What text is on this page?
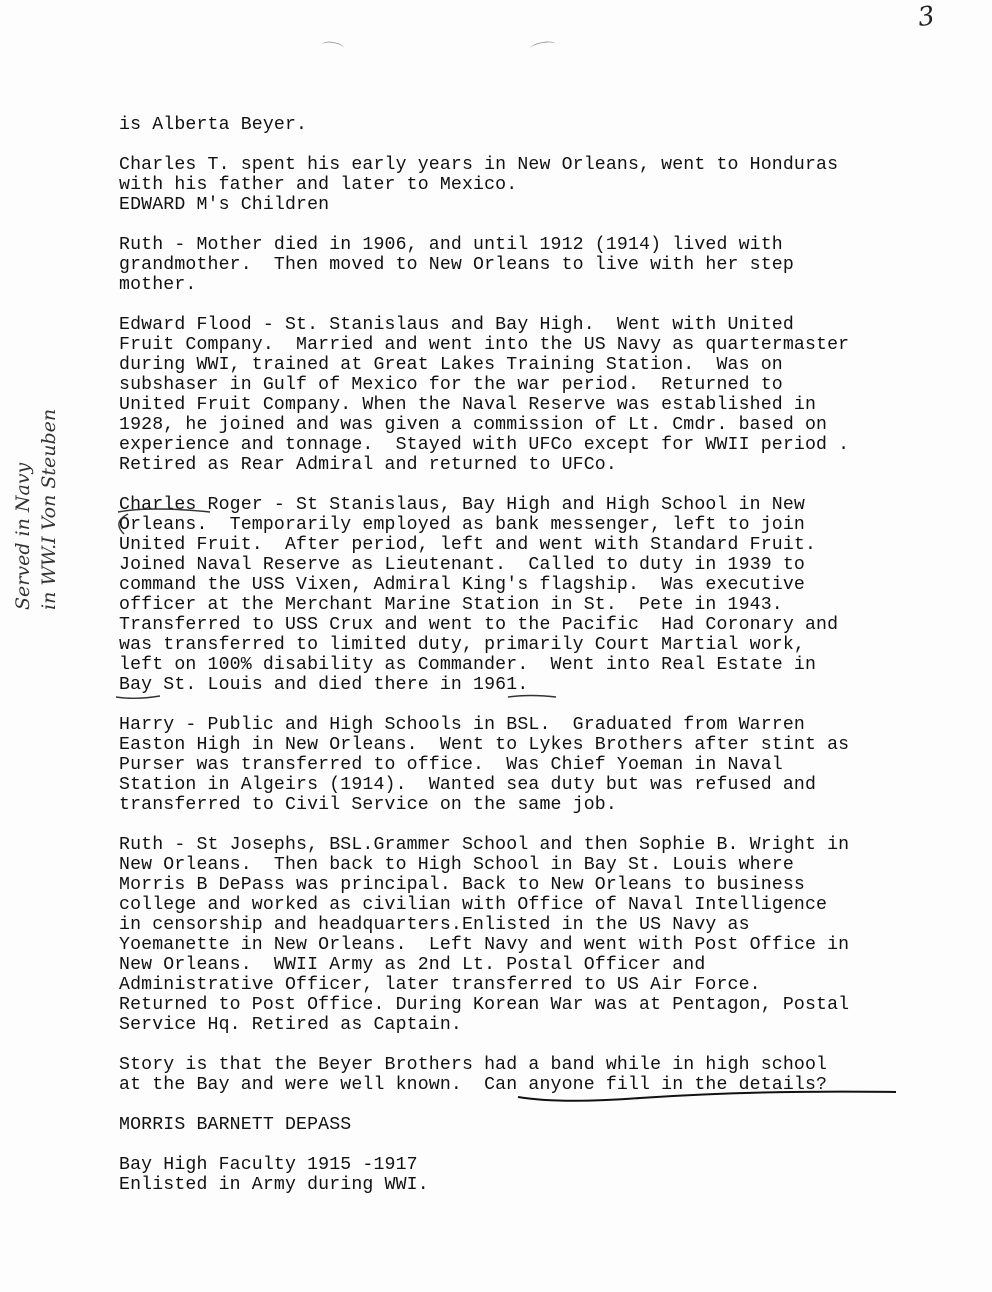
3
Served in Navy in WW.I Von Steuben
is Alberta Beyer.
Charles T. spent his early years in New Orleans, went to Honduras
with his father and later to Mexico.
EDWARD M's Children
Ruth - Mother died in 1906, and until 1912 (1914) lived with
grandmother.  Then moved to New Orleans to live with her step
mother.
Edward Flood - St. Stanislaus and Bay High.  Went with United
Fruit Company.  Married and went into the US Navy as quartermaster
during WWI, trained at Great Lakes Training Station.  Was on
subshaser in Gulf of Mexico for the war period.  Returned to
United Fruit Company. When the Naval Reserve was established in
1928, he joined and was given a commission of Lt. Cmdr. based on
experience and tonnage.  Stayed with UFCo except for WWII period .
Retired as Rear Admiral and returned to UFCo.
Charles Roger - St Stanislaus, Bay High and High School in New
Orleans.  Temporarily employed as bank messenger, left to join
United Fruit.  After period, left and went with Standard Fruit.
Joined Naval Reserve as Lieutenant.  Called to duty in 1939 to
command the USS Vixen, Admiral King's flagship.  Was executive
officer at the Merchant Marine Station in St.  Pete in 1943.
Transferred to USS Crux and went to the Pacific  Had Coronary and
was transferred to limited duty, primarily Court Martial work,
left on 100% disability as Commander.  Went into Real Estate in
Bay St. Louis and died there in 1961.
Harry - Public and High Schools in BSL.  Graduated from Warren
Easton High in New Orleans.  Went to Lykes Brothers after stint as
Purser was transferred to office.  Was Chief Yoeman in Naval
Station in Algeirs (1914).  Wanted sea duty but was refused and
transferred to Civil Service on the same job.
Ruth - St Josephs, BSL.Grammer School and then Sophie B. Wright in
New Orleans.  Then back to High School in Bay St. Louis where
Morris B DePass was principal. Back to New Orleans to business
college and worked as civilian with Office of Naval Intelligence
in censorship and headquarters.Enlisted in the US Navy as
Yoemanette in New Orleans.  Left Navy and went with Post Office in
New Orleans.  WWII Army as 2nd Lt. Postal Officer and
Administrative Officer, later transferred to US Air Force.
Returned to Post Office. During Korean War was at Pentagon, Postal
Service Hq. Retired as Captain.
Story is that the Beyer Brothers had a band while in high school
at the Bay and were well known.  Can anyone fill in the details?
MORRIS BARNETT DEPASS
Bay High Faculty 1915 -1917
Enlisted in Army during WWI.
